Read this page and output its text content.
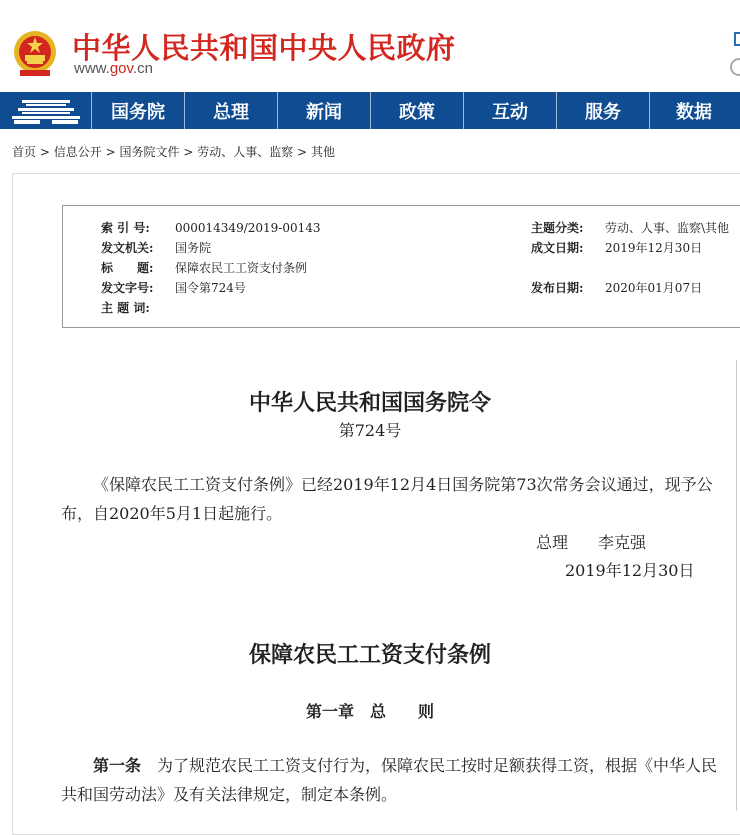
中华人民共和国中央人民政府
www.gov.cn
国务院	总理	新闻	政策	互动	服务	数据
首页 > 信息公开 > 国务院文件 > 劳动、人事、监察 > 其他
索 引 号: 000014349/2019-00143	主题分类: 劳动、人事、监察\其他
发文机关: 国务院	成文日期: 2019年12月30日
标　　题: 保障农民工工资支付条例
发文字号: 国令第724号	发布日期: 2020年01月07日
主 题 词:
中华人民共和国国务院令
第724号
《保障农民工工资支付条例》已经2019年12月4日国务院第73次常务会议通过，现予公布，自2020年5月1日起施行。
总理 李克强
2019年12月30日
保障农民工工资支付条例
第一章　总　　则
第一条 为了规范农民工工资支付行为，保障农民工按时足额获得工资，根据《中华人民共和国劳动法》及有关法律规定，制定本条例。
